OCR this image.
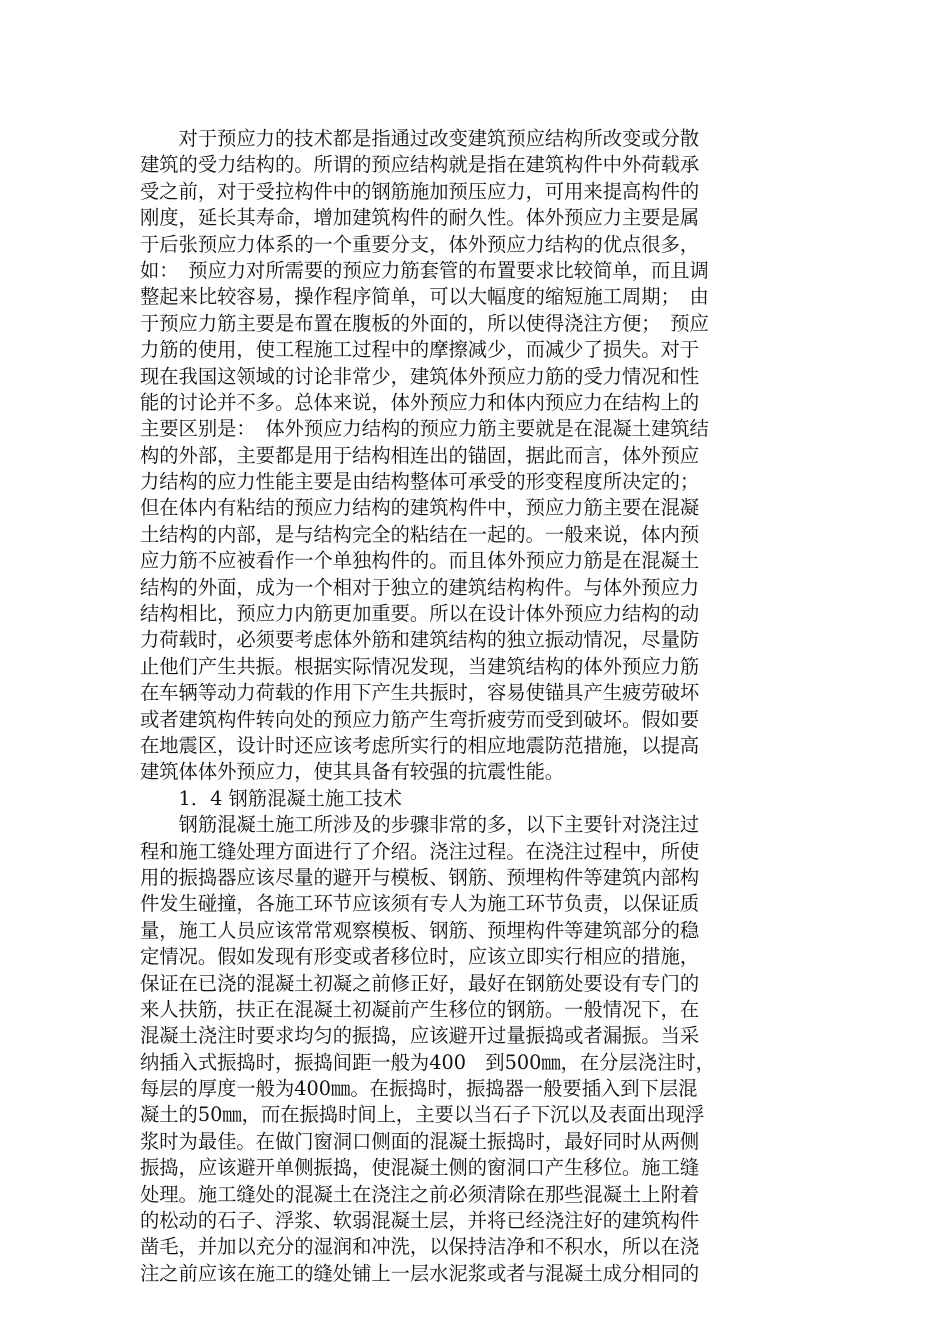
　　对于预应力的技术都是指通过改变建筑预应结构所改变或分散
建筑的受力结构的。所谓的预应结构就是指在建筑构件中外荷载承
受之前，对于受拉构件中的钢筋施加预压应力，可用来提高构件的
刚度，延长其寿命，增加建筑构件的耐久性。体外预应力主要是属
于后张预应力体系的一个重要分支，体外预应力结构的优点很多，
如：　预应力对所需要的预应力筋套管的布置要求比较简单，而且调
整起来比较容易，操作程序简单，可以大幅度的缩短施工周期；　由
于预应力筋主要是布置在腹板的外面的，所以使得浇注方便；　预应
力筋的使用，使工程施工过程中的摩擦减少，而减少了损失。对于
现在我国这领域的讨论非常少，建筑体外预应力筋的受力情况和性
能的讨论并不多。总体来说，体外预应力和体内预应力在结构上的
主要区别是：　体外预应力结构的预应力筋主要就是在混凝土建筑结
构的外部，主要都是用于结构相连出的锚固，据此而言，体外预应
力结构的应力性能主要是由结构整体可承受的形变程度所决定的；
但在体内有粘结的预应力结构的建筑构件中，预应力筋主要在混凝
土结构的内部，是与结构完全的粘结在一起的。一般来说，体内预
应力筋不应被看作一个单独构件的。而且体外预应力筋是在混凝土
结构的外面，成为一个相对于独立的建筑结构构件。与体外预应力
结构相比，预应力内筋更加重要。所以在设计体外预应力结构的动
力荷载时，必须要考虑体外筋和建筑结构的独立振动情况，尽量防
止他们产生共振。根据实际情况发现，当建筑结构的体外预应力筋
在车辆等动力荷载的作用下产生共振时，容易使锚具产生疲劳破坏
或者建筑构件转向处的预应力筋产生弯折疲劳而受到破坏。假如要
在地震区，设计时还应该考虑所实行的相应地震防范措施，以提高
建筑体体外预应力，使其具备有较强的抗震性能。
　　1．4 钢筋混凝土施工技术
　　钢筋混凝土施工所涉及的步骤非常的多，以下主要针对浇注过
程和施工缝处理方面进行了介绍。浇注过程。在浇注过程中，所使
用的振捣器应该尽量的避开与模板、钢筋、预埋构件等建筑内部构
件发生碰撞，各施工环节应该须有专人为施工环节负责，以保证质
量，施工人员应该常常观察模板、钢筋、预埋构件等建筑部分的稳
定情况。假如发现有形变或者移位时，应该立即实行相应的措施，
保证在已浇的混凝土初凝之前修正好，最好在钢筋处要设有专门的
来人扶筋，扶正在混凝土初凝前产生移位的钢筋。一般情况下，在
混凝土浇注时要求均匀的振捣，应该避开过量振捣或者漏振。当采
纳插入式振捣时，振捣间距一般为400　到500㎜，在分层浇注时，
每层的厚度一般为400㎜。在振捣时，振捣器一般要插入到下层混
凝土的50㎜，而在振捣时间上，主要以当石子下沉以及表面出现浮
浆时为最佳。在做门窗洞口侧面的混凝土振捣时，最好同时从两侧
振捣，应该避开单侧振捣，使混凝土侧的窗洞口产生移位。施工缝
处理。施工缝处的混凝土在浇注之前必须清除在那些混凝土上附着
的松动的石子、浮浆、软弱混凝土层，并将已经浇注好的建筑构件
凿毛，并加以充分的湿润和冲洗，以保持洁净和不积水，所以在浇
注之前应该在施工的缝处铺上一层水泥浆或者与混凝土成分相同的
